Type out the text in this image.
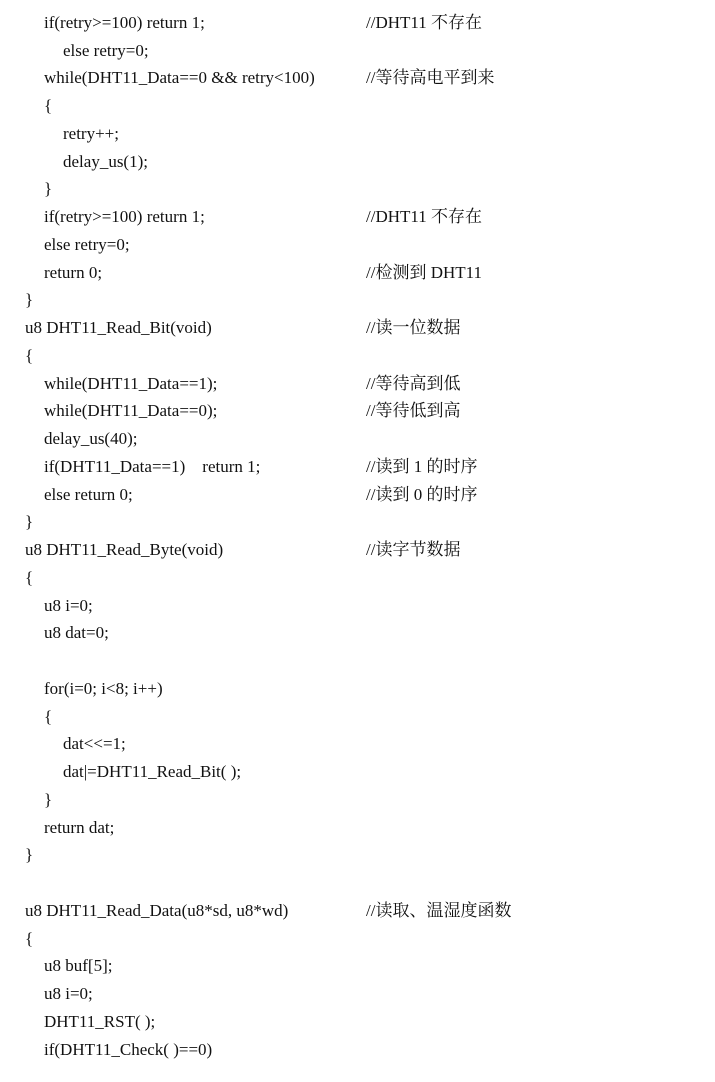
if(retry>=100) return 1;	//DHT11 不存在
else retry=0;
while(DHT11_Data==0 && retry<100)	//等待高电平到来
{
retry++;
delay_us(1);
}
if(retry>=100) return 1;	//DHT11 不存在
else retry=0;
return 0;	//检测到 DHT11
}
u8 DHT11_Read_Bit(void)	//读一位数据
{
while(DHT11_Data==1);	//等待高到低
while(DHT11_Data==0);	//等待低到高
delay_us(40);
if(DHT11_Data==1)    return 1;	//读到 1 的时序
else return 0;	//读到 0 的时序
}
u8 DHT11_Read_Byte(void)	//读字节数据
{
u8 i=0;
u8 dat=0;
for(i=0; i<8; i++)
{
dat<<=1;
dat|=DHT11_Read_Bit( );
}
return dat;
}
u8 DHT11_Read_Data(u8*sd, u8*wd)	//读取、温湿度函数
{
u8 buf[5];
u8 i=0;
DHT11_RST( );
if(DHT11_Check( )==0)
